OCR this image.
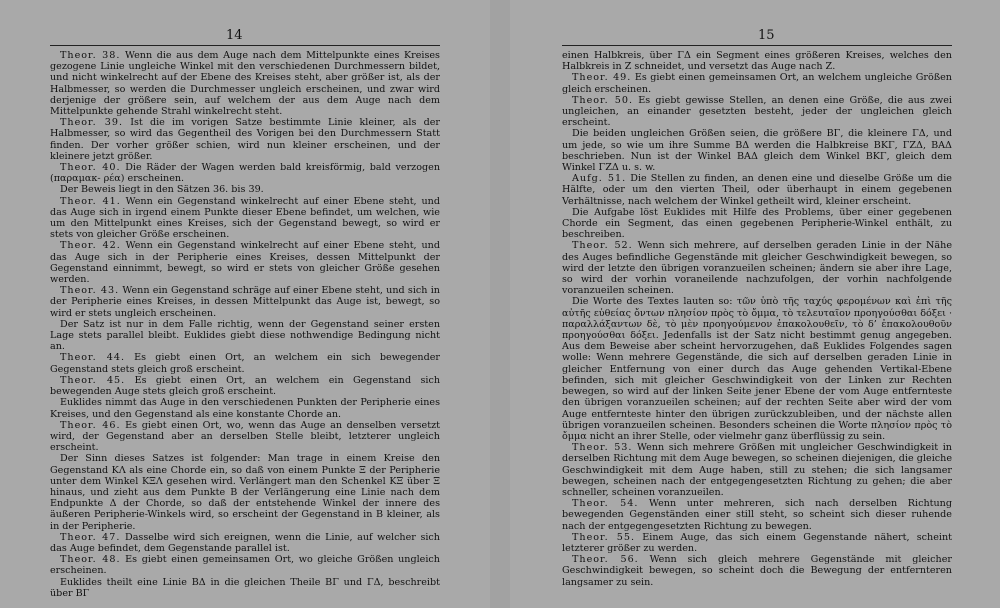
14

Theor. 38. Wenn die aus dem Auge nach dem Mittelpunkte eines Kreises gezogene Linie ungleiche Winkel mit den verschiedenen Durchmessern bildet, und nicht winkelrecht auf der Ebene des Kreises steht, aber größer ist, als der Halbmesser, so werden die Durchmesser ungleich erscheinen, und zwar wird derjenige der größere sein, auf welchem der aus dem Auge nach dem Mittelpunkte gehende Strahl winkelrecht steht.

Theor. 39. Ist die im vorigen Satze bestimmte Linie kleiner, als der Halbmesser, so wird das Gegentheil des Vorigen bei den Durchmessern Statt finden. Der vorher größer schien, wird nun kleiner erscheinen, und der kleinere jetzt größer.

Theor. 40. Die Räder der Wagen werden bald kreisförmig, bald verzogen (παραμακ- ρέα) erscheinen.

Der Beweis liegt in den Sätzen 36. bis 39.

Theor. 41. Wenn ein Gegenstand winkelrecht auf einer Ebene steht, und das Auge sich in irgend einem Punkte dieser Ebene befindet, um welchen, wie um den Mittelpunkt eines Kreises, sich der Gegenstand bewegt, so wird er stets von gleicher Größe erscheinen.

Theor. 42. Wenn ein Gegenstand winkelrecht auf einer Ebene steht, und das Auge sich in der Peripherie eines Kreises, dessen Mittelpunkt der Gegenstand einnimmt, bewegt, so wird er stets von gleicher Größe gesehen werden.

Theor. 43. Wenn ein Gegenstand schräge auf einer Ebene steht, und sich in der Peripherie eines Kreises, in dessen Mittelpunkt das Auge ist, bewegt, so wird er stets ungleich erscheinen.

Der Satz ist nur in dem Falle richtig, wenn der Gegenstand seiner ersten Lage stets parallel bleibt. Euklides giebt diese nothwendige Bedingung nicht an.

Theor. 44. Es giebt einen Ort, an welchem ein sich bewegender Gegenstand stets gleich groß erscheint.

Theor. 45. Es giebt einen Ort, an welchem ein Gegenstand sich bewegenden Auge stets gleich groß erscheint.

Euklides nimmt das Auge in den verschiedenen Punkten der Peripherie eines Kreises, und den Gegenstand als eine konstante Chorde an.

Theor. 46. Es giebt einen Ort, wo, wenn das Auge an denselben versetzt wird, der Gegenstand aber an derselben Stelle bleibt, letzterer ungleich erscheint.

Der Sinn dieses Satzes ist folgender: Man trage in einem Kreise den Gegenstand ΚΛ als eine Chorde ein, so daß von einem Punkte Ξ der Peripherie unter dem Winkel ΚΞΛ gesehen wird. Verlängert man den Schenkel ΚΞ über Ξ hinaus, und zieht aus dem Punkte Β der Verlängerung eine Linie nach dem Endpunkte Δ der Chorde, so daß der entstehende Winkel der innere des äußeren Peripherie-Winkels wird, so erscheint der Gegenstand in Β kleiner, als in der Peripherie.

Theor. 47. Dasselbe wird sich ereignen, wenn die Linie, auf welcher sich das Auge befindet, dem Gegenstande parallel ist.

Theor. 48. Es giebt einen gemeinsamen Ort, wo gleiche Größen ungleich erscheinen.

Euklides theilt eine Linie ΒΔ in die gleichen Theile ΒΓ und ΓΔ, beschreibt über ΒΓ

15

einen Halbkreis, über ΓΔ ein Segment eines größeren Kreises, welches den Halbkreis in Ζ schneidet, und versetzt das Auge nach Ζ.

Theor. 49. Es giebt einen gemeinsamen Ort, an welchem ungleiche Größen gleich erscheinen.

Theor. 50. Es giebt gewisse Stellen, an denen eine Größe, die aus zwei ungleichen, an einander gesetzten besteht, jeder der ungleichen gleich erscheint.

Die beiden ungleichen Größen seien, die größere ΒΓ, die kleinere ΓΔ, und um jede, so wie um ihre Summe ΒΔ werden die Halbkreise ΒΚΓ, ΓΖΔ, ΒΑΔ beschrieben. Nun ist der Winkel ΒΑΔ gleich dem Winkel ΒΚΓ, gleich dem Winkel ΓΖΔ u. s. w.

Aufg. 51. Die Stellen zu finden, an denen eine und dieselbe Größe um die Hälfte, oder um den vierten Theil, oder überhaupt in einem gegebenen Verhältnisse, nach welchem der Winkel getheilt wird, kleiner erscheint.

Die Aufgabe löst Euklides mit Hilfe des Problems, über einer gegebenen Chorde ein Segment, das einen gegebenen Peripherie-Winkel enthält, zu beschreiben.

Theor. 52. Wenn sich mehrere, auf derselben geraden Linie in der Nähe des Auges befindliche Gegenstände mit gleicher Geschwindigkeit bewegen, so wird der letzte den übrigen voranzueilen scheinen; ändern sie aber ihre Lage, so wird der vorhin voraneilende nachzufolgen, der vorhin nachfolgende voranzueilen scheinen.

Die Worte des Textes lauten so: τῶν ὑπὸ τῆς ταχύς φερομένων καὶ ἐπὶ τῆς αὐτῆς εὐθείας ὄντων πλησίον πρὸς τὸ ὄμμα, τὸ τελευταῖον προηγούσθαι δόξει · παραλλάξαντων δὲ, τὸ μὲν προηγούμενον ἐπακολουθεῖν, τὸ δ’ ἐπακολουθοῦν προηγούσθαι δόξει. Jedenfalls ist der Satz nicht bestimmt genug angegeben. Aus dem Beweise aber scheint hervorzugehen, daß Euklides Folgendes sagen wolle: Wenn mehrere Gegenstände, die sich auf derselben geraden Linie in gleicher Entfernung von einer durch das Auge gehenden Vertikal-Ebene befinden, sich mit gleicher Geschwindigkeit von der Linken zur Rechten bewegen, so wird auf der linken Seite jener Ebene der vom Auge entfernteste den übrigen voranzueilen scheinen; auf der rechten Seite aber wird der vom Auge entfernteste hinter den übrigen zurückzubleiben, und der nächste allen übrigen voranzueilen scheinen. Besonders scheinen die Worte πλησίον πρὸς τὸ ὄμμα nicht an ihrer Stelle, oder vielmehr ganz überflüssig zu sein.

Theor. 53. Wenn sich mehrere Größen mit ungleicher Geschwindigkeit in derselben Richtung mit dem Auge bewegen, so scheinen diejenigen, die gleiche Geschwindigkeit mit dem Auge haben, still zu stehen; die sich langsamer bewegen, scheinen nach der entgegengesetzten Richtung zu gehen; die aber schneller, scheinen voranzueilen.

Theor. 54. Wenn unter mehreren, sich nach derselben Richtung bewegenden Gegenständen einer still steht, so scheint sich dieser ruhende nach der entgegengesetzten Richtung zu bewegen.

Theor. 55. Einem Auge, das sich einem Gegenstande nähert, scheint letzterer größer zu werden.

Theor. 56. Wenn sich gleich mehrere Gegenstände mit gleicher Geschwindigkeit bewegen, so scheint doch die Bewegung der entfernteren langsamer zu sein.
